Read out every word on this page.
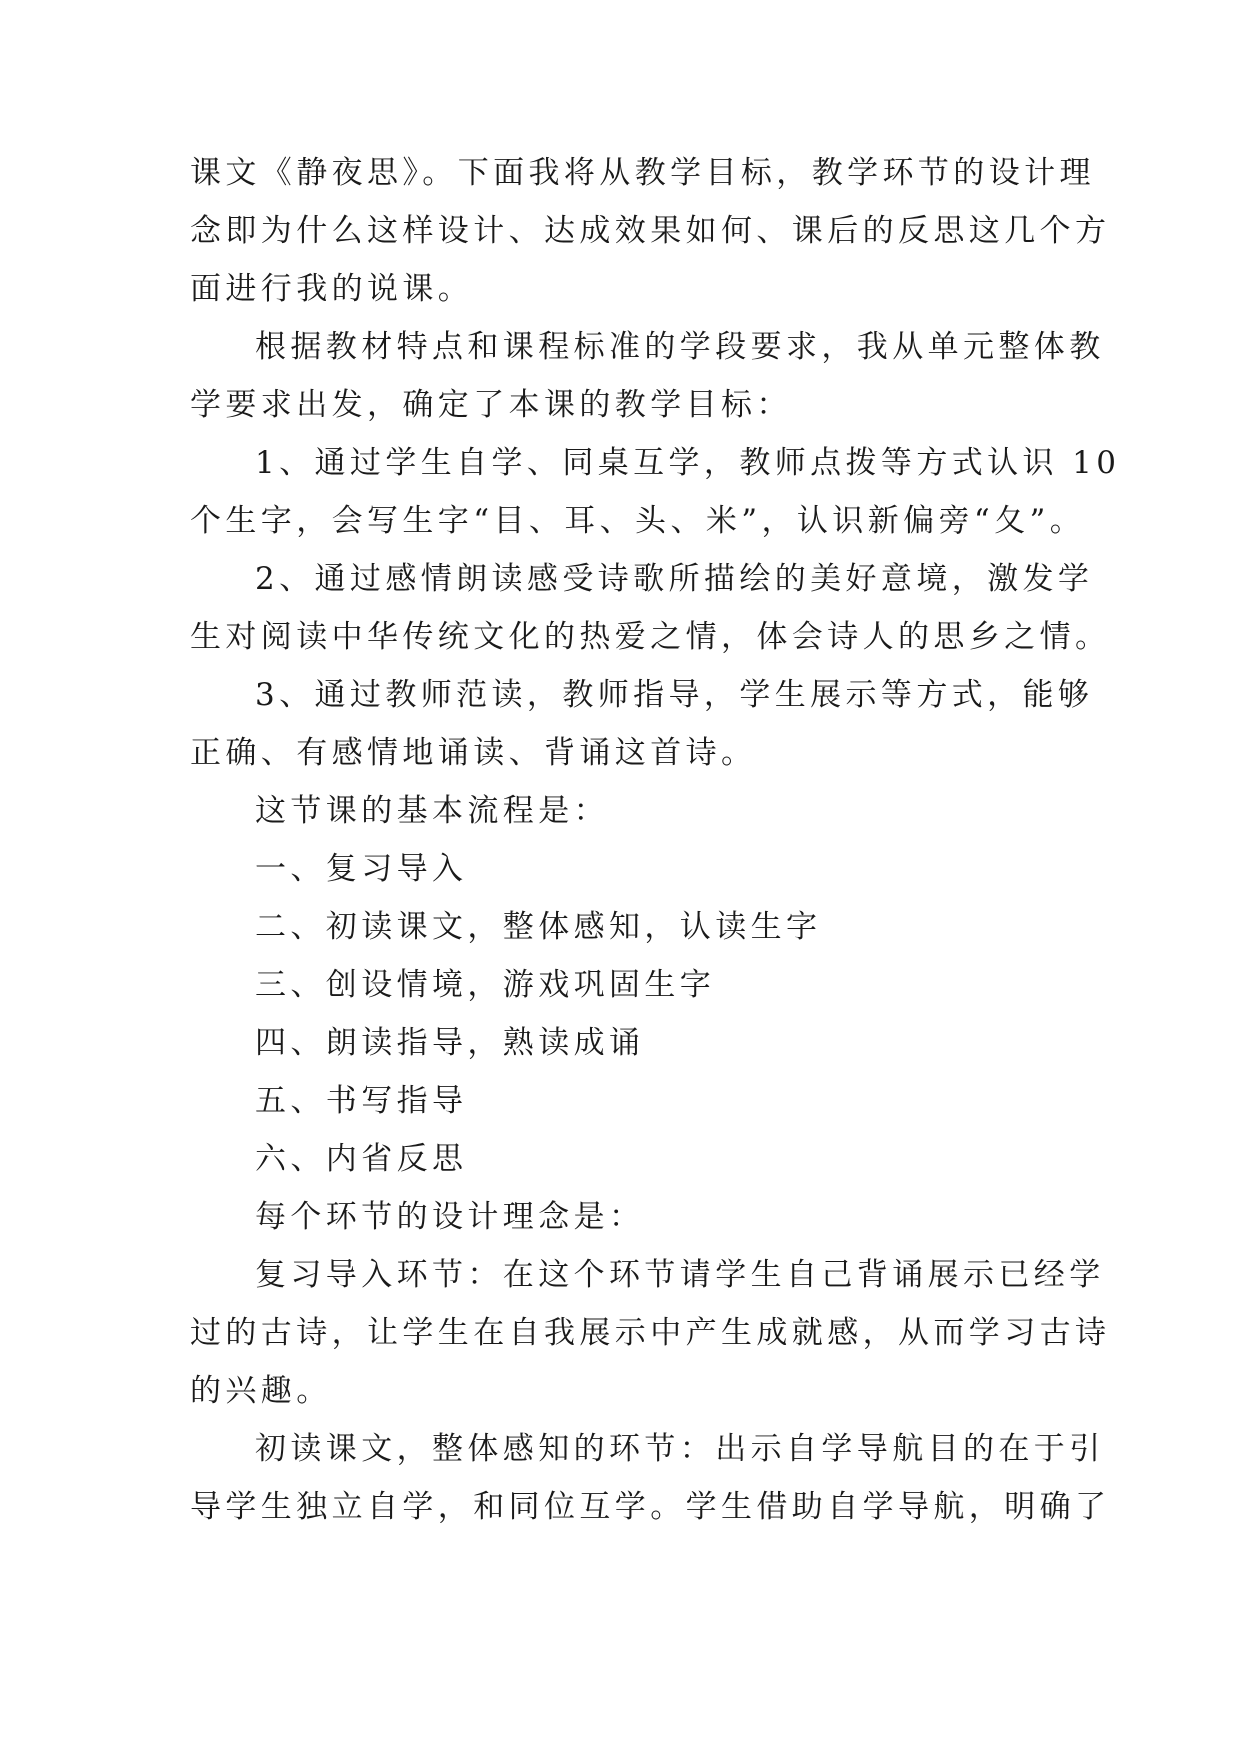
课文《静夜思》。下面我将从教学目标，教学环节的设计理
念即为什么这样设计、达成效果如何、课后的反思这几个方
面进行我的说课。
根据教材特点和课程标准的学段要求，我从单元整体教
学要求出发，确定了本课的教学目标：
1、通过学生自学、同桌互学，教师点拨等方式认识 10
个生字，会写生字“目、耳、头、米”，认识新偏旁“夂”。
2、通过感情朗读感受诗歌所描绘的美好意境，激发学
生对阅读中华传统文化的热爱之情，体会诗人的思乡之情。
3、通过教师范读，教师指导，学生展示等方式，能够
正确、有感情地诵读、背诵这首诗。
这节课的基本流程是：
一、复习导入
二、初读课文，整体感知，认读生字
三、创设情境，游戏巩固生字
四、朗读指导，熟读成诵
五、书写指导
六、内省反思
每个环节的设计理念是：
复习导入环节：在这个环节请学生自己背诵展示已经学
过的古诗，让学生在自我展示中产生成就感，从而学习古诗
的兴趣。
初读课文，整体感知的环节：出示自学导航目的在于引
导学生独立自学，和同位互学。学生借助自学导航，明确了
